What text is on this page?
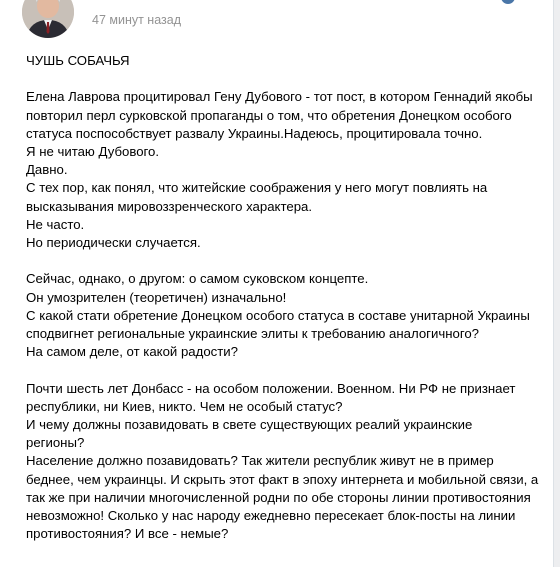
47 минут назад

ЧУШЬ СОБАЧЬЯ

Елена Лаврова процитировал Гену Дубового - тот пост, в котором Геннадий якобы

повторил перл сурковской пропаганды о том, что обретения Донецком особого

статуса поспособствует развалу Украины.Надеюсь, процитировала точно.

Я не читаю Дубового.

Давно.

С тех пор, как понял, что житейские соображения у него могут повлиять на

высказывания мировоззренческого характера.

Не часто.

Но периодически случается.

Сейчас, однако, о другом: о самом суковском концепте.

Он умозрителен (теоретичен) изначально!

С какой стати обретение Донецком особого статуса в составе унитарной Украины

сподвигнет региональные украинские элиты к требованию аналогичного?

На самом деле, от какой радости?

Почти шесть лет Донбасс - на особом положении. Военном. Ни РФ не признает

республики, ни Киев, никто. Чем не особый статус?

И чему должны позавидовать в свете существующих реалий украинские

регионы?

Население должно позавидовать? Так жители республик живут не в пример

беднее, чем украинцы. И скрыть этот факт в эпоху интернета и мобильной связи, а

так же при наличии многочисленной родни по обе стороны линии противостояния

невозможно! Сколько у нас народу ежедневно пересекает блок-посты на линии

противостояния? И все - немые?
